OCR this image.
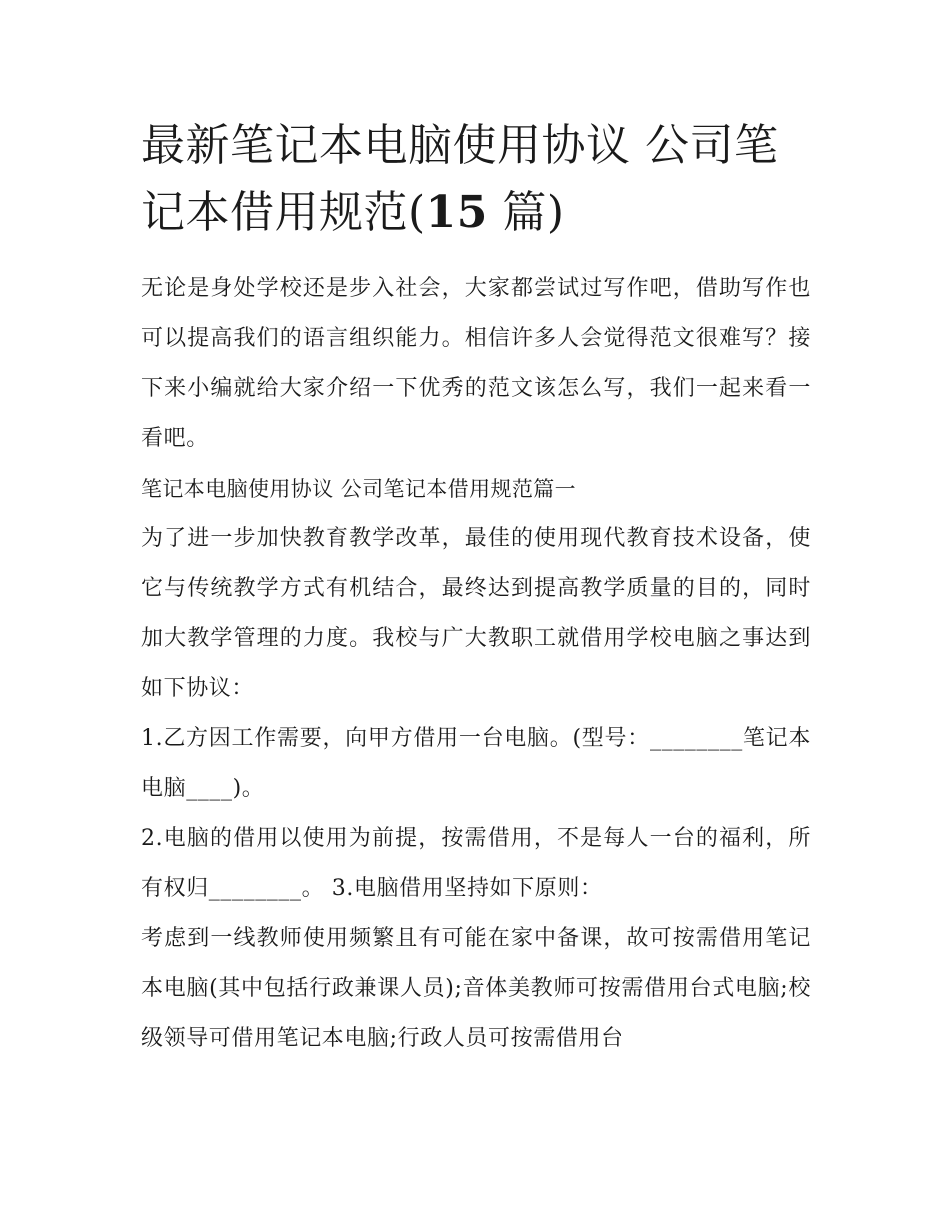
最新笔记本电脑使用协议 公司笔记本借用规范(15 篇)

无论是身处学校还是步入社会，大家都尝试过写作吧，借助写作也可以提高我们的语言组织能力。相信许多人会觉得范文很难写？接下来小编就给大家介绍一下优秀的范文该怎么写，我们一起来看一看吧。

笔记本电脑使用协议 公司笔记本借用规范篇一

为了进一步加快教育教学改革，最佳的使用现代教育技术设备，使它与传统教学方式有机结合，最终达到提高教学质量的目的，同时加大教学管理的力度。我校与广大教职工就借用学校电脑之事达到如下协议：

1.乙方因工作需要，向甲方借用一台电脑。(型号：________笔记本电脑____)。

2.电脑的借用以使用为前提，按需借用，不是每人一台的福利，所有权归________。 3.电脑借用坚持如下原则：

考虑到一线教师使用频繁且有可能在家中备课，故可按需借用笔记本电脑(其中包括行政兼课人员);音体美教师可按需借用台式电脑;校级领导可借用笔记本电脑;行政人员可按需借用台
